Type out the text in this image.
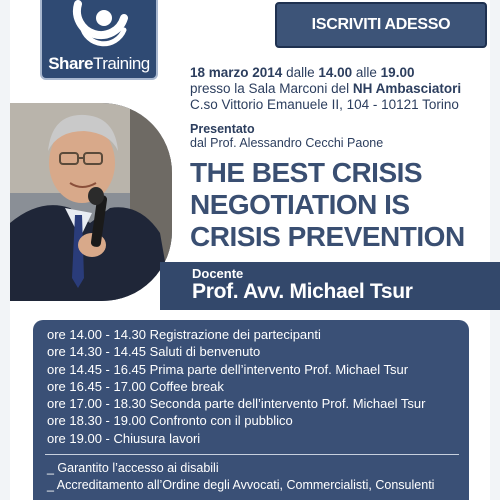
ShareTraining
ISCRIVITI ADESSO
18 marzo 2014 dalle 14.00 alle 19.00
presso la Sala Marconi del NH Ambasciatori
C.so Vittorio Emanuele II, 104 - 10121 Torino
Presentato
dal Prof. Alessandro Cecchi Paone
THE BEST CRISIS
NEGOTIATION IS
CRISIS PREVENTION
Docente
Prof. Avv. Michael Tsur
ore 14.00 - 14.30 Registrazione dei partecipanti
ore 14.30 - 14.45 Saluti di benvenuto
ore 14.45 - 16.45 Prima parte dell’intervento Prof. Michael Tsur
ore 16.45 - 17.00 Coffee break
ore 17.00 - 18.30 Seconda parte dell’intervento Prof. Michael Tsur
ore 18.30 - 19.00 Confronto con il pubblico
ore 19.00 - Chiusura lavori
_ Garantito l’accesso ai disabili
_ Accreditamento all’Ordine degli Avvocati, Commercialisti, Consulenti
